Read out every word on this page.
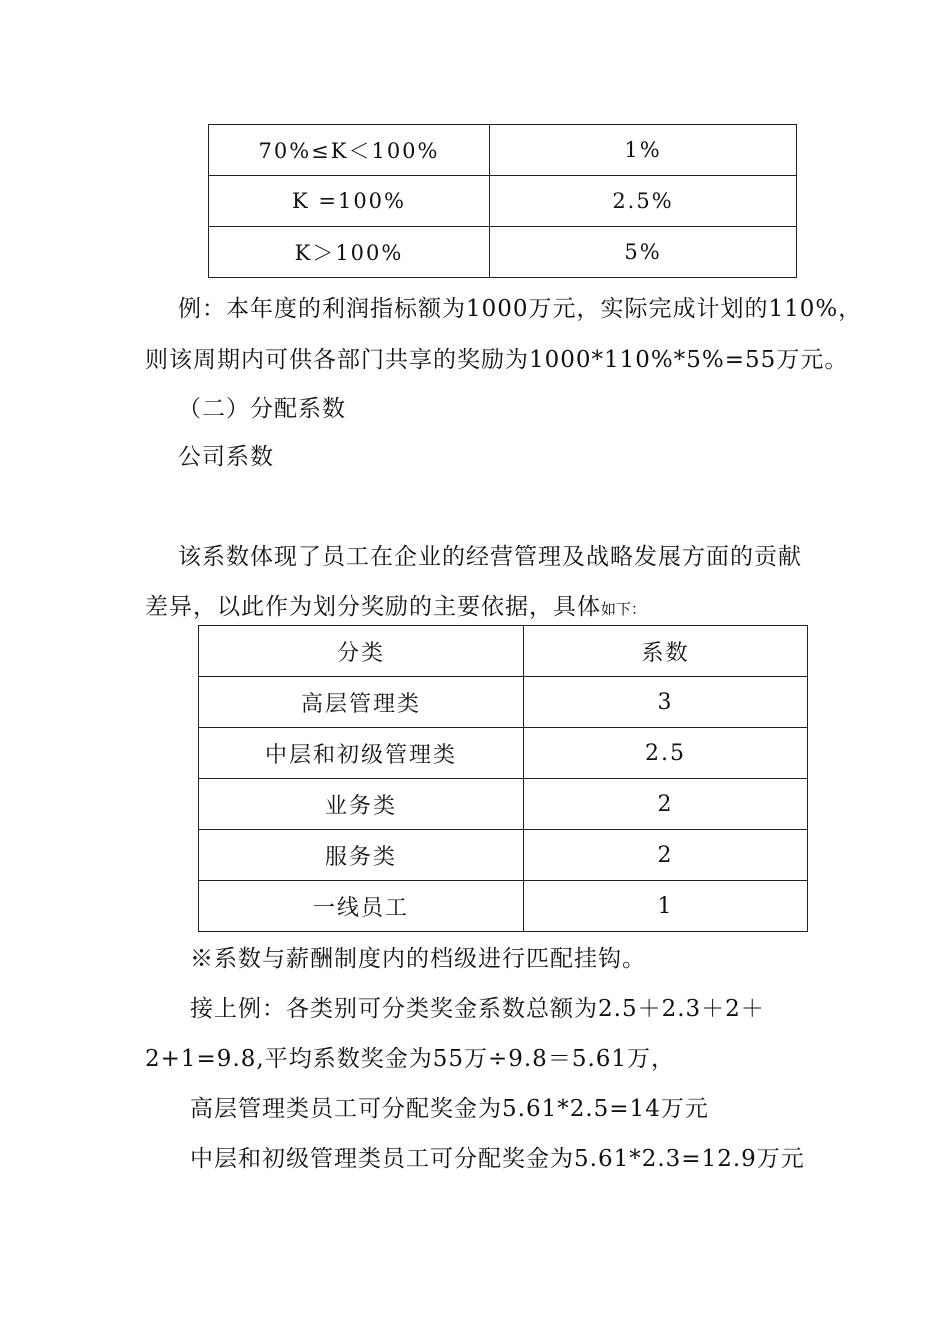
70%≤K＜100%	1%
K =100%	2.5%
K＞100%	5%
例：本年度的利润指标额为1000万元，实际完成计划的110%，
则该周期内可供各部门共享的奖励为1000*110%*5%=55万元。
（二）分配系数
公司系数
该系数体现了员工在企业的经营管理及战略发展方面的贡献
差异，以此作为划分奖励的主要依据，具体如下：
分类	系数
高层管理类	3
中层和初级管理类	2.5
业务类	2
服务类	2
一线员工	1
※系数与薪酬制度内的档级进行匹配挂钩。
接上例：各类别可分类奖金系数总额为2.5＋2.3＋2＋
2+1=9.8,平均系数奖金为55万÷9.8＝5.61万，
高层管理类员工可分配奖金为5.61*2.5=14万元
中层和初级管理类员工可分配奖金为5.61*2.3=12.9万元
